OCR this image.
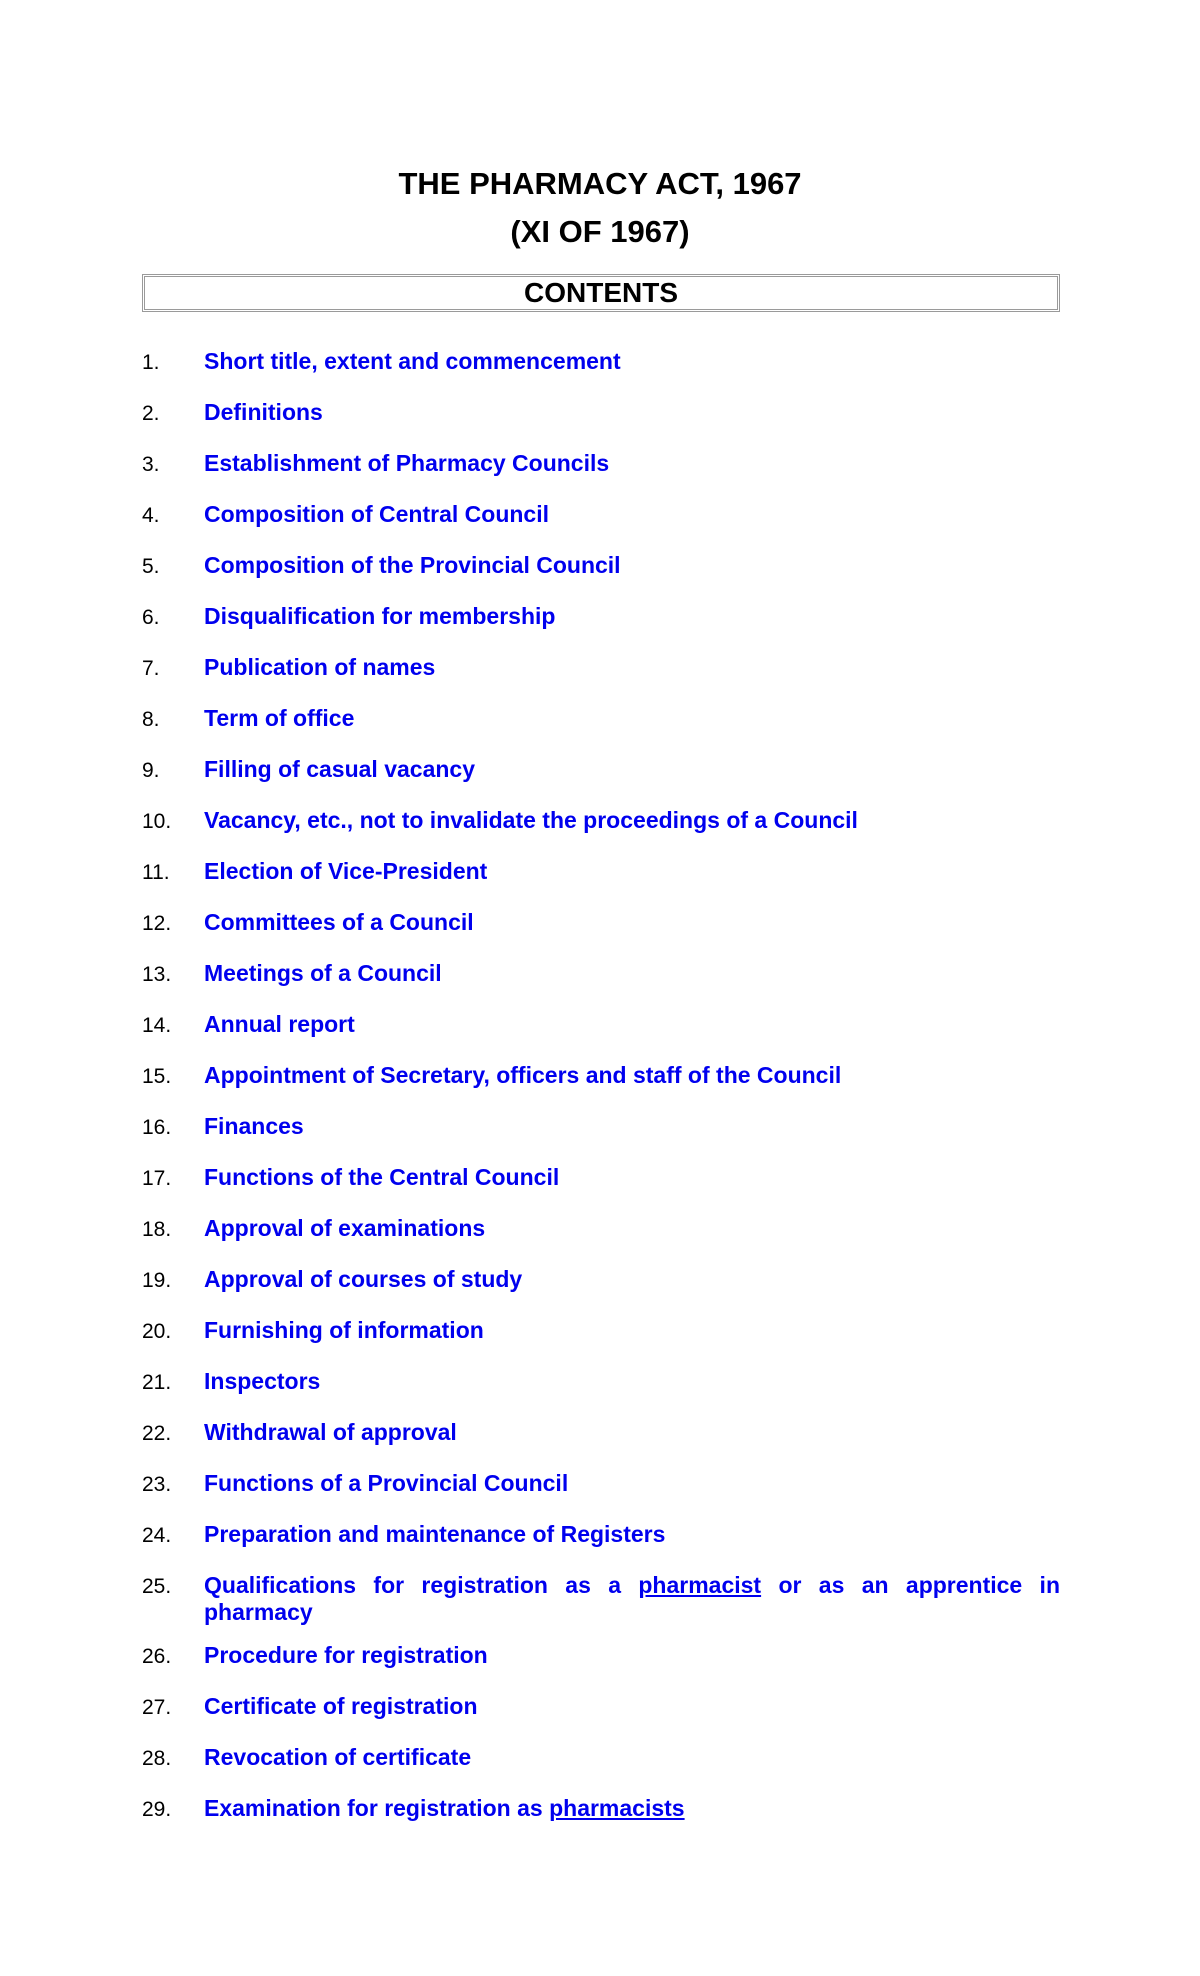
THE PHARMACY ACT, 1967
(XI OF 1967)
CONTENTS
1.	Short title, extent and commencement
2.	Definitions
3.	Establishment of Pharmacy Councils
4.	Composition of Central Council
5.	Composition of the Provincial Council
6.	Disqualification for membership
7.	Publication of names
8.	Term of office
9.	Filling of casual vacancy
10.	Vacancy, etc., not to invalidate the proceedings of a Council
11.	Election of Vice-President
12.	Committees of a Council
13.	Meetings of a Council
14.	Annual report
15.	Appointment of Secretary, officers and staff of the Council
16.	Finances
17.	Functions of the Central Council
18.	Approval of examinations
19.	Approval of courses of study
20.	Furnishing of information
21.	Inspectors
22.	Withdrawal of approval
23.	Functions of a Provincial Council
24.	Preparation and maintenance of Registers
25.	Qualifications for registration as a pharmacist or as an apprentice in pharmacy
26.	Procedure for registration
27.	Certificate of registration
28.	Revocation of certificate
29.	Examination for registration as pharmacists
